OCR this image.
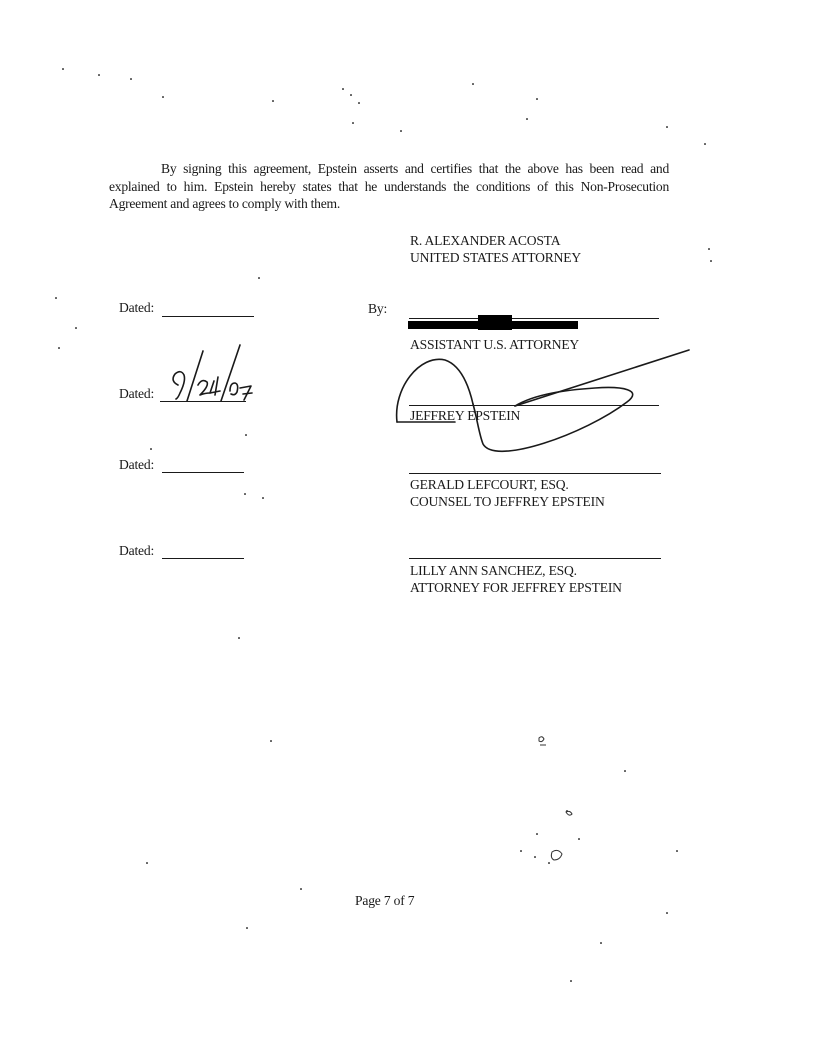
By signing this agreement, Epstein asserts and certifies that the above has been read and explained to him. Epstein hereby states that he understands the conditions of this Non-Prosecution Agreement and agrees to comply with them.
R. ALEXANDER ACOSTA
UNITED STATES ATTORNEY
Dated:	By:
ASSISTANT U.S. ATTORNEY
Dated:
JEFFREY EPSTEIN
Dated:
GERALD LEFCOURT, ESQ.
COUNSEL TO JEFFREY EPSTEIN
Dated:
LILLY ANN SANCHEZ, ESQ.
ATTORNEY FOR JEFFREY EPSTEIN
Page 7 of 7
